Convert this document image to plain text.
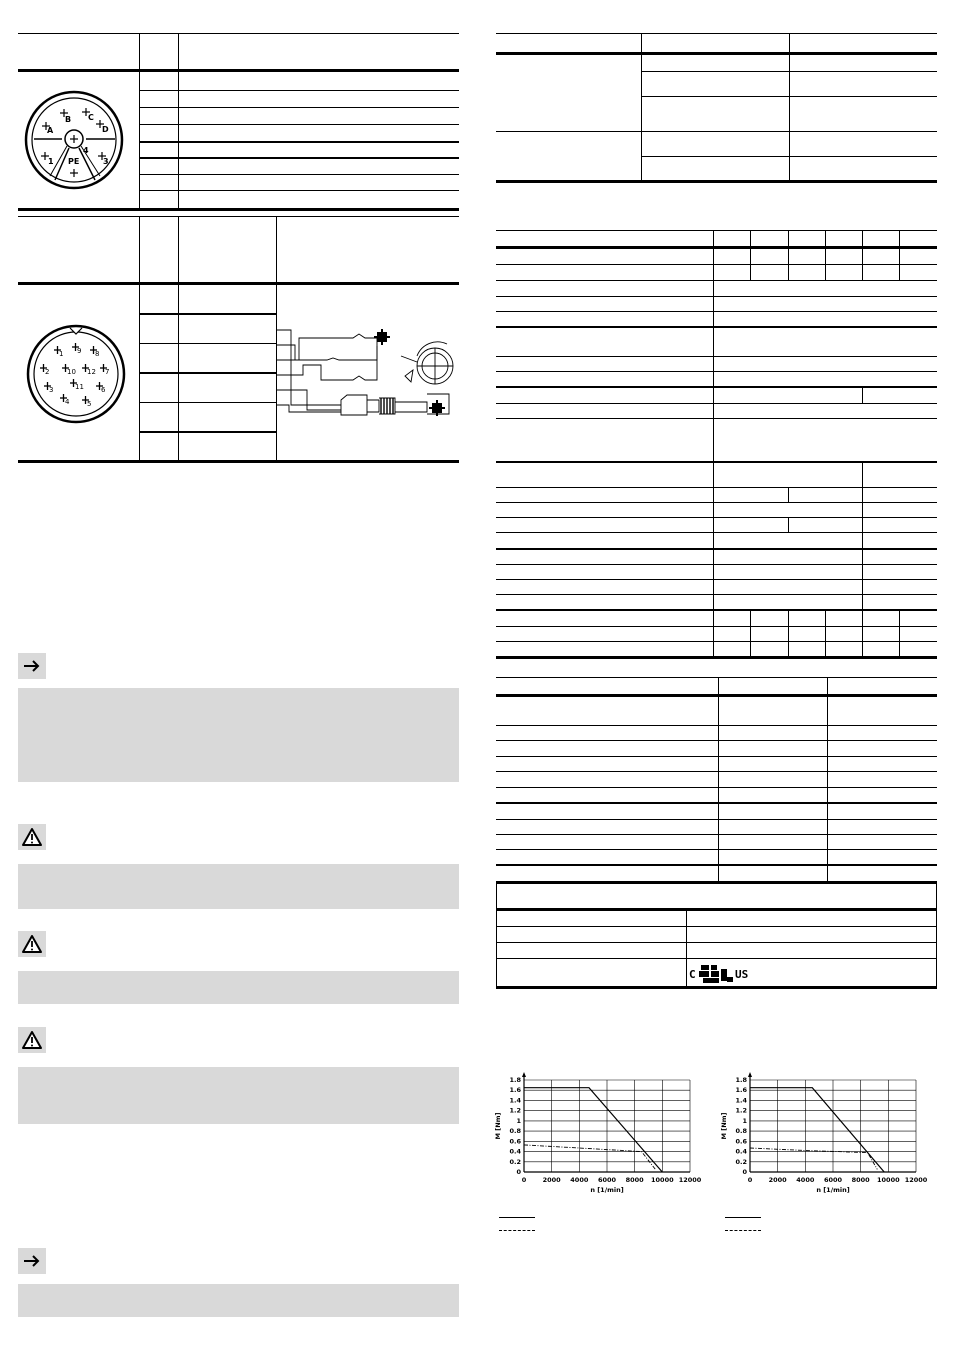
A
B C
D
1 PE	3
4
1 9 8
2	10 12 7
3	11 6
4	5
C	US
0	2000 4000 6000 8000 10000 12000
0
0.2
0.4
0.6
0.8
1
1.2
1.4
1.6
1.8
n [1/min]
M [Nm]
0	2000 4000 6000 8000 10000 12000
0
0.2
0.4
0.6
0.8
1
1.2
1.4
1.6
1.8
n [1/min]
M [Nm]
